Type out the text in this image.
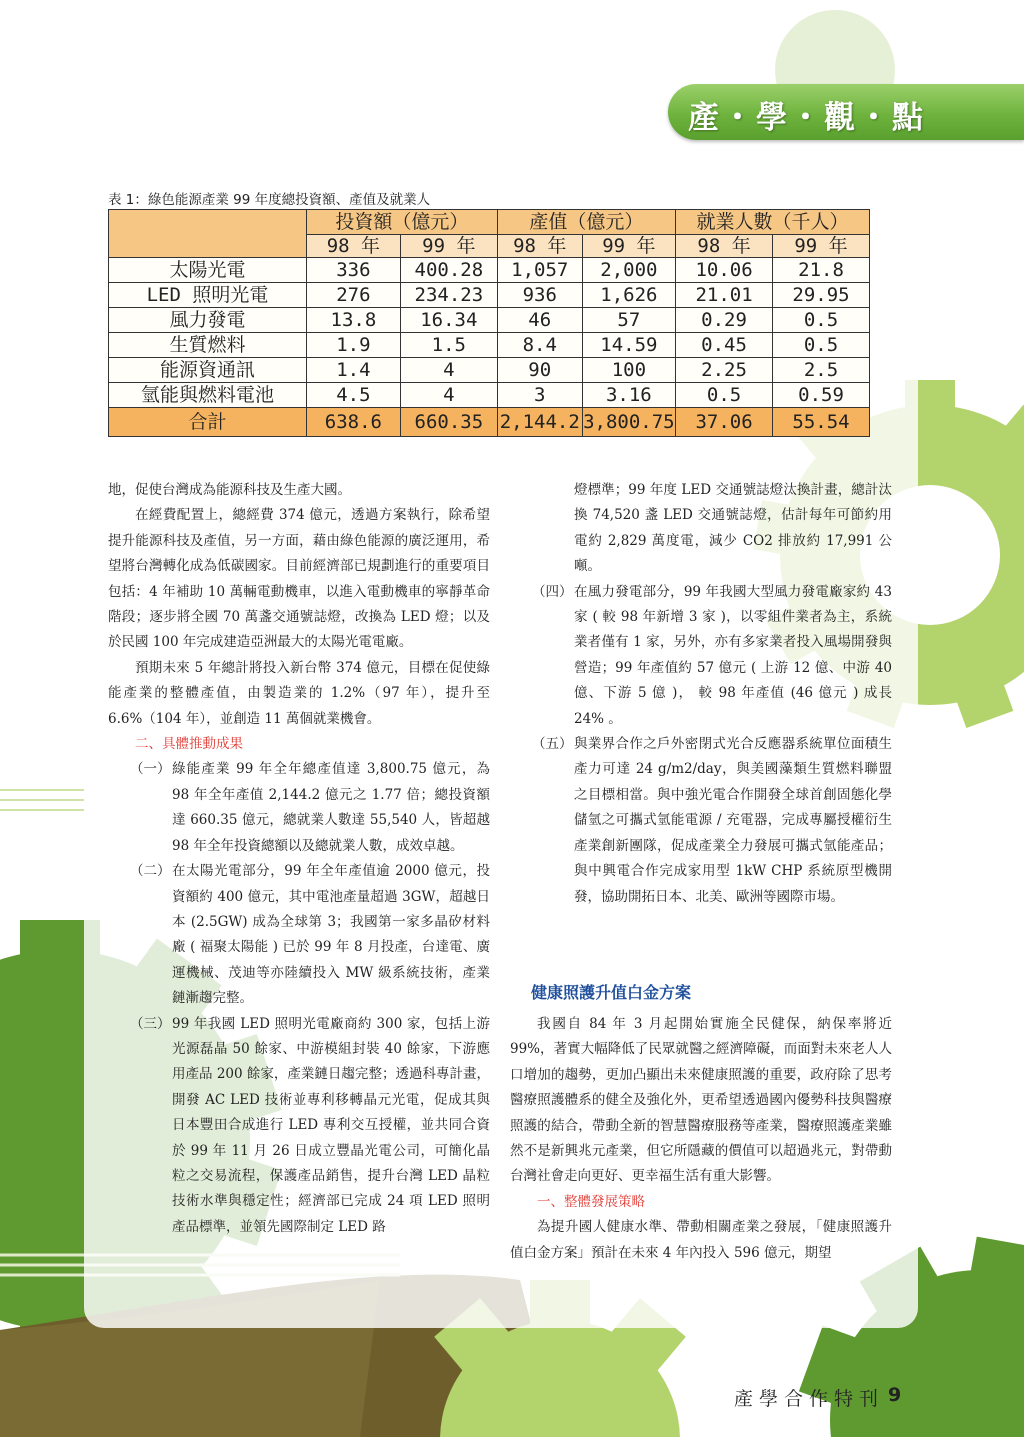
產・學・觀・點
表 1：綠色能源產業 99 年度總投資額、產值及就業人
	投資額（億元）		產值（億元）		就業人數（千人）	
	98 年	99 年	98 年	99 年	98 年	99 年
太陽光電	336	400.28	1,057	2,000	10.06	21.8
LED 照明光電	276	234.23	936	1,626	21.01	29.95
風力發電	13.8	16.34	46	57	0.29	0.5
生質燃料	1.9	1.5	8.4	14.59	0.45	0.5
能源資通訊	1.4	4	90	100	2.25	2.5
氫能與燃料電池	4.5	4	3	3.16	0.5	0.59
合計	638.6	660.35	2,144.2	3,800.75	37.06	55.54

地，促使台灣成為能源科技及生產大國。

在經費配置上，總經費 374 億元，透過方案執行，除希望提升能源科技及產值，另一方面，藉由綠色能源的廣泛運用，希望將台灣轉化成為低碳國家。目前經濟部已規劃進行的重要項目包括：4 年補助 10 萬輛電動機車，以進入電動機車的寧靜革命階段；逐步將全國 70 萬盞交通號誌燈，改換為 LED 燈；以及於民國 100 年完成建造亞洲最大的太陽光電電廠。

預期未來 5 年總計將投入新台幣 374 億元，目標在促使綠能產業的整體產值，由製造業的 1.2%（97 年），提升至 6.6%（104 年），並創造 11 萬個就業機會。

二、具體推動成果

（一） 綠能產業 99 年全年總產值達 3,800.75 億元，為 98 年全年產值 2,144.2 億元之 1.77 倍；總投資額達 660.35 億元，總就業人數達 55,540 人，皆超越 98 年全年投資總額以及總就業人數，成效卓越。
（二） 在太陽光電部分，99 年全年產值逾 2000 億元，投資額約 400 億元，其中電池產量超過 3GW，超越日本 (2.5GW) 成為全球第 3；我國第一家多晶矽材料廠 ( 福聚太陽能 ) 已於 99 年 8 月投產，台達電、廣運機械、茂迪等亦陸續投入 MW 級系統技術，產業鏈漸趨完整。
（三） 99 年我國 LED 照明光電廠商約 300 家，包括上游光源磊晶 50 餘家、中游模組封裝 40 餘家，下游應用產品 200 餘家，產業鏈日趨完整；透過科專計畫，開發 AC LED 技術並專利移轉晶元光電，促成其與日本豐田合成進行 LED 專利交互授權，並共同合資於 99 年 11 月 26 日成立豐晶光電公司，可簡化晶粒之交易流程，保護產品銷售，提升台灣 LED 晶粒技術水準與穩定性；經濟部已完成 24 項 LED 照明產品標準，並領先國際制定 LED 路
燈標準；99 年度 LED 交通號誌燈汰換計畫，總計汰換 74,520 盞 LED 交通號誌燈，估計每年可節約用電約 2,829 萬度電，減少 CO2 排放約 17,991 公噸。
（四） 在風力發電部分，99 年我國大型風力發電廠家約 43 家 ( 較 98 年新增 3 家 )，以零組件業者為主，系統業者僅有 1 家，另外，亦有多家業者投入風場開發與營造；99 年產值約 57 億元 ( 上游 12 億、中游 40 億、下游 5 億 )， 較 98 年產值 (46 億元 ) 成長 24% 。
（五） 與業界合作之戶外密閉式光合反應器系統單位面積生產力可達 24 g/m2/day，與美國藻類生質燃料聯盟之目標相當。與中強光電合作開發全球首創固態化學儲氫之可攜式氫能電源 / 充電器，完成專屬授權衍生產業創新團隊，促成產業全力發展可攜式氫能產品；與中興電合作完成家用型 1kW CHP 系統原型機開發，協助開拓日本、北美、歐洲等國際市場。
健康照護升值白金方案

我國自 84 年 3 月起開始實施全民健保，納保率將近 99%，著實大幅降低了民眾就醫之經濟障礙，而面對未來老人人口增加的趨勢，更加凸顯出未來健康照護的重要，政府除了思考醫療照護體系的健全及強化外，更希望透過國內優勢科技與醫療照護的結合，帶動全新的智慧醫療服務等產業，醫療照護產業雖然不是新興兆元產業，但它所隱藏的價值可以超過兆元，對帶動台灣社會走向更好、更幸福生活有重大影響。

一、整體發展策略

為提升國人健康水準、帶動相關產業之發展，「健康照護升值白金方案」預計在未來 4 年內投入 596 億元，期望

產學合作特刊 9
